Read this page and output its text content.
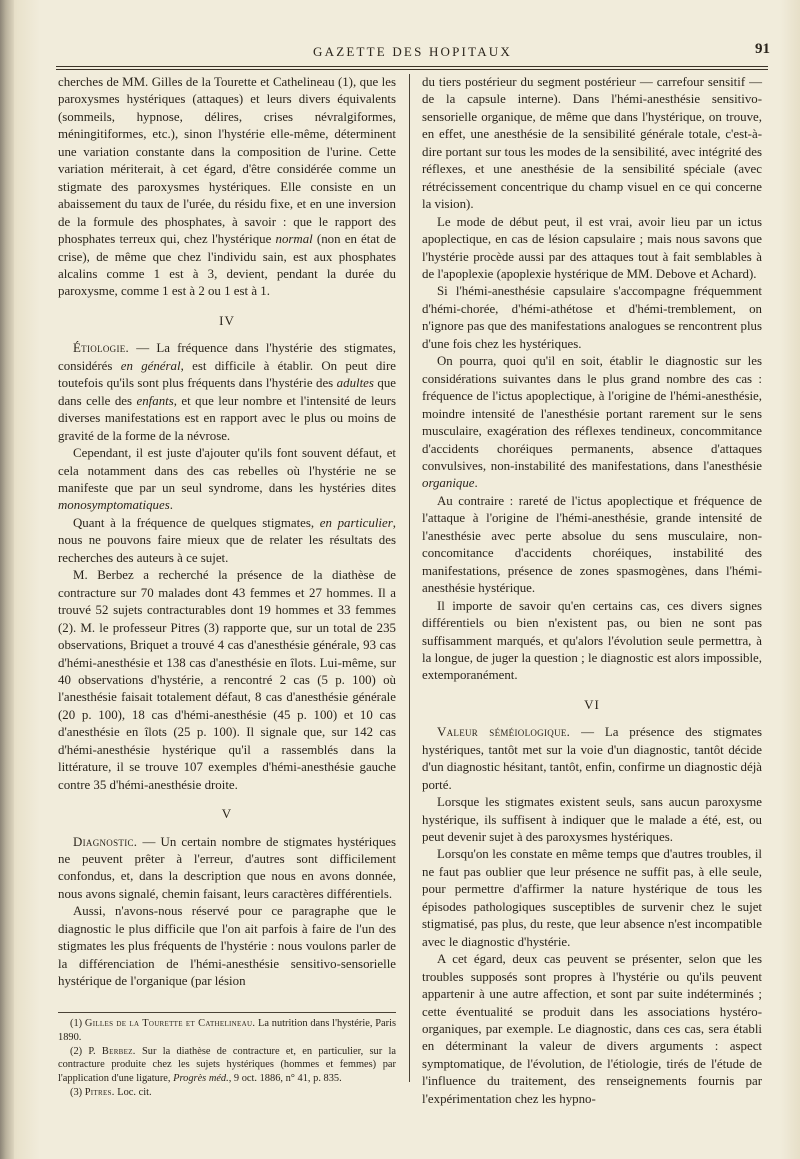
GAZETTE DES HOPITAUX	91

cherches de MM. Gilles de la Tourette et Cathelineau (1), que les paroxysmes hystériques (attaques) et leurs divers équivalents (sommeils, hypnose, délires, crises névralgiformes, méningitiformes, etc.), sinon l'hystérie elle-même, déterminent une variation constante dans la composition de l'urine. Cette variation mériterait, à cet égard, d'être considérée comme un stigmate des paroxysmes hystériques. Elle consiste en un abaissement du taux de l'urée, du résidu fixe, et en une inversion de la formule des phosphates, à savoir : que le rapport des phosphates terreux qui, chez l'hystérique normal (non en état de crise), de même que chez l'individu sain, est aux phosphates alcalins comme 1 est à 3, devient, pendant la durée du paroxysme, comme 1 est à 2 ou 1 est à 1.

IV

Étiologie. — La fréquence dans l'hystérie des stigmates, considérés en général, est difficile à établir. On peut dire toutefois qu'ils sont plus fréquents dans l'hystérie des adultes que dans celle des enfants, et que leur nombre et l'intensité de leurs diverses manifestations est en rapport avec le plus ou moins de gravité de la forme de la névrose.

Cependant, il est juste d'ajouter qu'ils font souvent défaut, et cela notamment dans des cas rebelles où l'hystérie ne se manifeste que par un seul syndrome, dans les hystéries dites monosymptomatiques.

Quant à la fréquence de quelques stigmates, en particulier, nous ne pouvons faire mieux que de relater les résultats des recherches des auteurs à ce sujet.

M. Berbez a recherché la présence de la diathèse de contracture sur 70 malades dont 43 femmes et 27 hommes. Il a trouvé 52 sujets contracturables dont 19 hommes et 33 femmes (2). M. le professeur Pitres (3) rapporte que, sur un total de 235 observations, Briquet a trouvé 4 cas d'anesthésie générale, 93 cas d'hémi-anesthésie et 138 cas d'anesthésie en îlots. Lui-même, sur 40 observations d'hystérie, a rencontré 2 cas (5 p. 100) où l'anesthésie faisait totalement défaut, 8 cas d'anesthésie générale (20 p. 100), 18 cas d'hémi-anesthésie (45 p. 100) et 10 cas d'anesthésie en îlots (25 p. 100). Il signale que, sur 142 cas d'hémi-anesthésie hystérique qu'il a rassemblés dans la littérature, il se trouve 107 exemples d'hémi-anesthésie gauche contre 35 d'hémi-anesthésie droite.

V

Diagnostic. — Un certain nombre de stigmates hystériques ne peuvent prêter à l'erreur, d'autres sont difficilement confondus, et, dans la description que nous en avons donnée, nous avons signalé, chemin faisant, leurs caractères différentiels.

Aussi, n'avons-nous réservé pour ce paragraphe que le diagnostic le plus difficile que l'on ait parfois à faire de l'un des stigmates les plus fréquents de l'hystérie : nous voulons parler de la différenciation de l'hémi-anesthésie sensitivo-sensorielle hystérique de l'organique (par lésion

(1) Gilles de la Tourette et Cathelineau. La nutrition dans l'hystérie, Paris 1890.

(2) P. Berbez. Sur la diathèse de contracture et, en particulier, sur la contracture produite chez les sujets hystériques (hommes et femmes) par l'application d'une ligature, Progrès méd., 9 oct. 1886, n° 41, p. 835.

(3) Pitres. Loc. cit.

du tiers postérieur du segment postérieur — carrefour sensitif — de la capsule interne). Dans l'hémi-anesthésie sensitivo-sensorielle organique, de même que dans l'hystérique, on trouve, en effet, une anesthésie de la sensibilité générale totale, c'est-à-dire portant sur tous les modes de la sensibilité, avec intégrité des réflexes, et une anesthésie de la sensibilité spéciale (avec rétrécissement concentrique du champ visuel en ce qui concerne la vision).

Le mode de début peut, il est vrai, avoir lieu par un ictus apoplectique, en cas de lésion capsulaire ; mais nous savons que l'hystérie procède aussi par des attaques tout à fait semblables à de l'apoplexie (apoplexie hystérique de MM. Debove et Achard).

Si l'hémi-anesthésie capsulaire s'accompagne fréquemment d'hémi-chorée, d'hémi-athétose et d'hémi-tremblement, on n'ignore pas que des manifestations analogues se rencontrent plus d'une fois chez les hystériques.

On pourra, quoi qu'il en soit, établir le diagnostic sur les considérations suivantes dans le plus grand nombre des cas : fréquence de l'ictus apoplectique, à l'origine de l'hémi-anesthésie, moindre intensité de l'anesthésie portant rarement sur le sens musculaire, exagération des réflexes tendineux, concommitance d'accidents choréiques permanents, absence d'attaques convulsives, non-instabilité des manifestations, dans l'anesthésie organique.

Au contraire : rareté de l'ictus apoplectique et fréquence de l'attaque à l'origine de l'hémi-anesthésie, grande intensité de l'anesthésie avec perte absolue du sens musculaire, non-concomitance d'accidents choréiques, instabilité des manifestations, présence de zones spasmogènes, dans l'hémi-anesthésie hystérique.

Il importe de savoir qu'en certains cas, ces divers signes différentiels ou bien n'existent pas, ou bien ne sont pas suffisamment marqués, et qu'alors l'évolution seule permettra, à la longue, de juger la question ; le diagnostic est alors impossible, extemporanément.

VI

Valeur séméiologique. — La présence des stigmates hystériques, tantôt met sur la voie d'un diagnostic, tantôt décide d'un diagnostic hésitant, tantôt, enfin, confirme un diagnostic déjà porté.

Lorsque les stigmates existent seuls, sans aucun paroxysme hystérique, ils suffisent à indiquer que le malade a été, est, ou peut devenir sujet à des paroxysmes hystériques.

Lorsqu'on les constate en même temps que d'autres troubles, il ne faut pas oublier que leur présence ne suffit pas, à elle seule, pour permettre d'affirmer la nature hystérique de tous les épisodes pathologiques susceptibles de survenir chez le sujet stigmatisé, pas plus, du reste, que leur absence n'est incompatible avec le diagnostic d'hystérie.

A cet égard, deux cas peuvent se présenter, selon que les troubles supposés sont propres à l'hystérie ou qu'ils peuvent appartenir à une autre affection, et sont par suite indéterminés ; cette éventualité se produit dans les associations hystéro-organiques, par exemple. Le diagnostic, dans ces cas, sera établi en déterminant la valeur de divers arguments : aspect symptomatique, de l'évolution, de l'étiologie, tirés de l'étude de l'influence du traitement, des renseignements fournis par l'expérimentation chez les hypno-
